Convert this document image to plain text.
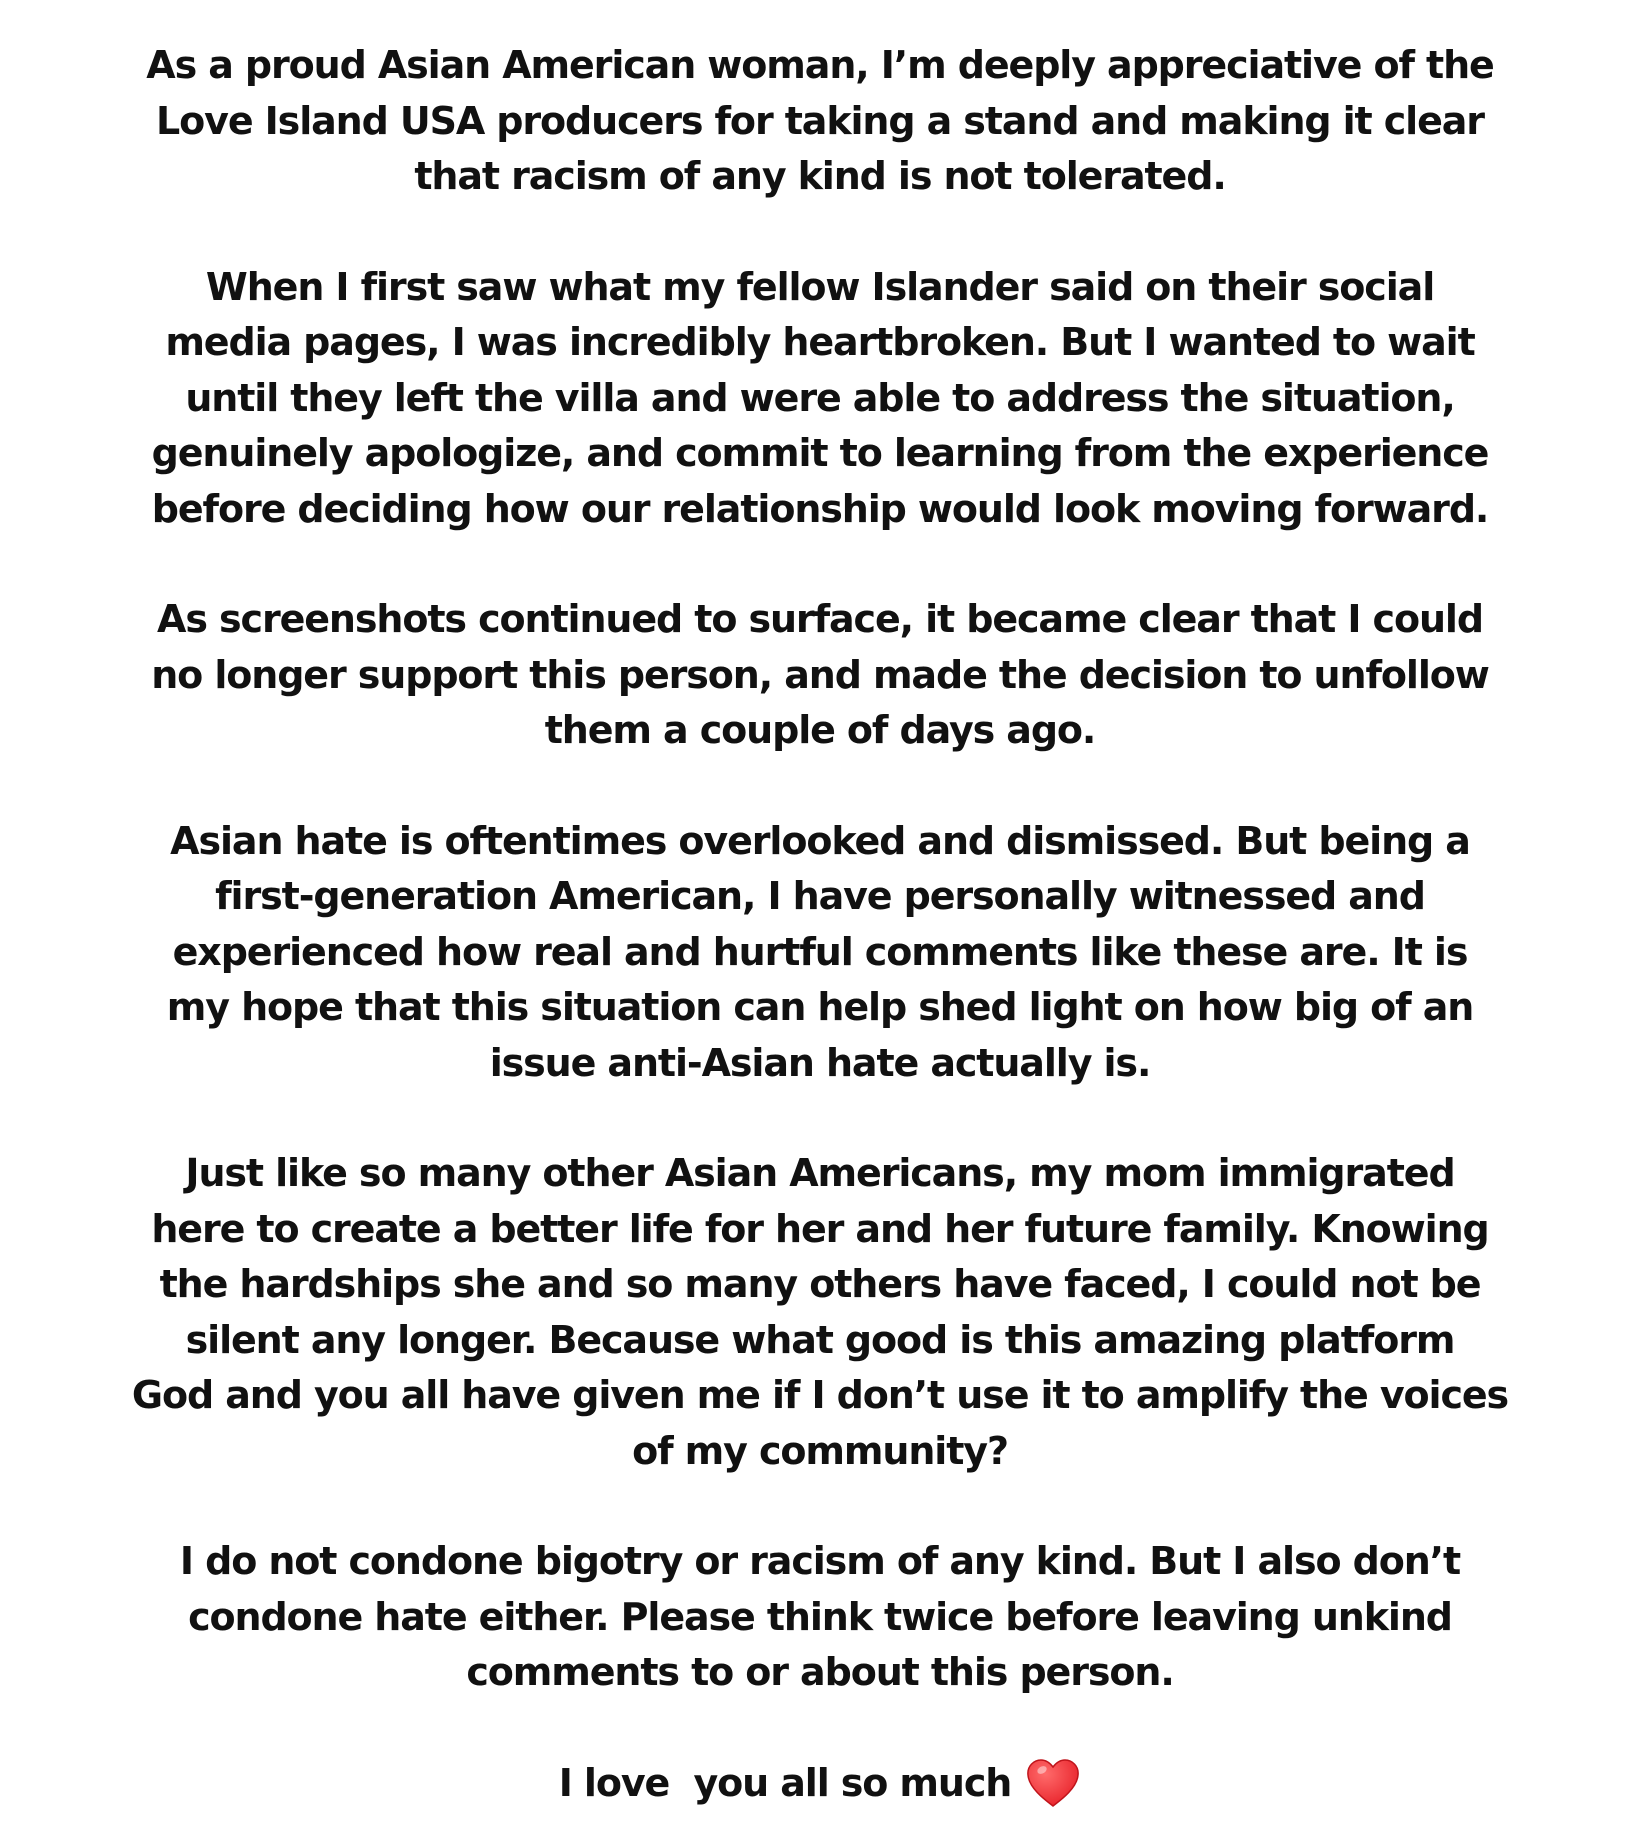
As a proud Asian American woman, I’m deeply appreciative of the
Love Island USA producers for taking a stand and making it clear
that racism of any kind is not tolerated.

When I first saw what my fellow Islander said on their social
media pages, I was incredibly heartbroken. But I wanted to wait
until they left the villa and were able to address the situation,
genuinely apologize, and commit to learning from the experience
before deciding how our relationship would look moving forward.

As screenshots continued to surface, it became clear that I could
no longer support this person, and made the decision to unfollow
them a couple of days ago.

Asian hate is oftentimes overlooked and dismissed. But being a
first-generation American, I have personally witnessed and
experienced how real and hurtful comments like these are. It is
my hope that this situation can help shed light on how big of an
issue anti-Asian hate actually is.

Just like so many other Asian Americans, my mom immigrated
here to create a better life for her and her future family. Knowing
the hardships she and so many others have faced, I could not be
silent any longer. Because what good is this amazing platform
God and you all have given me if I don’t use it to amplify the voices
of my community?

I do not condone bigotry or racism of any kind. But I also don’t
condone hate either. Please think twice before leaving unkind
comments to or about this person.

I love  you all so much
